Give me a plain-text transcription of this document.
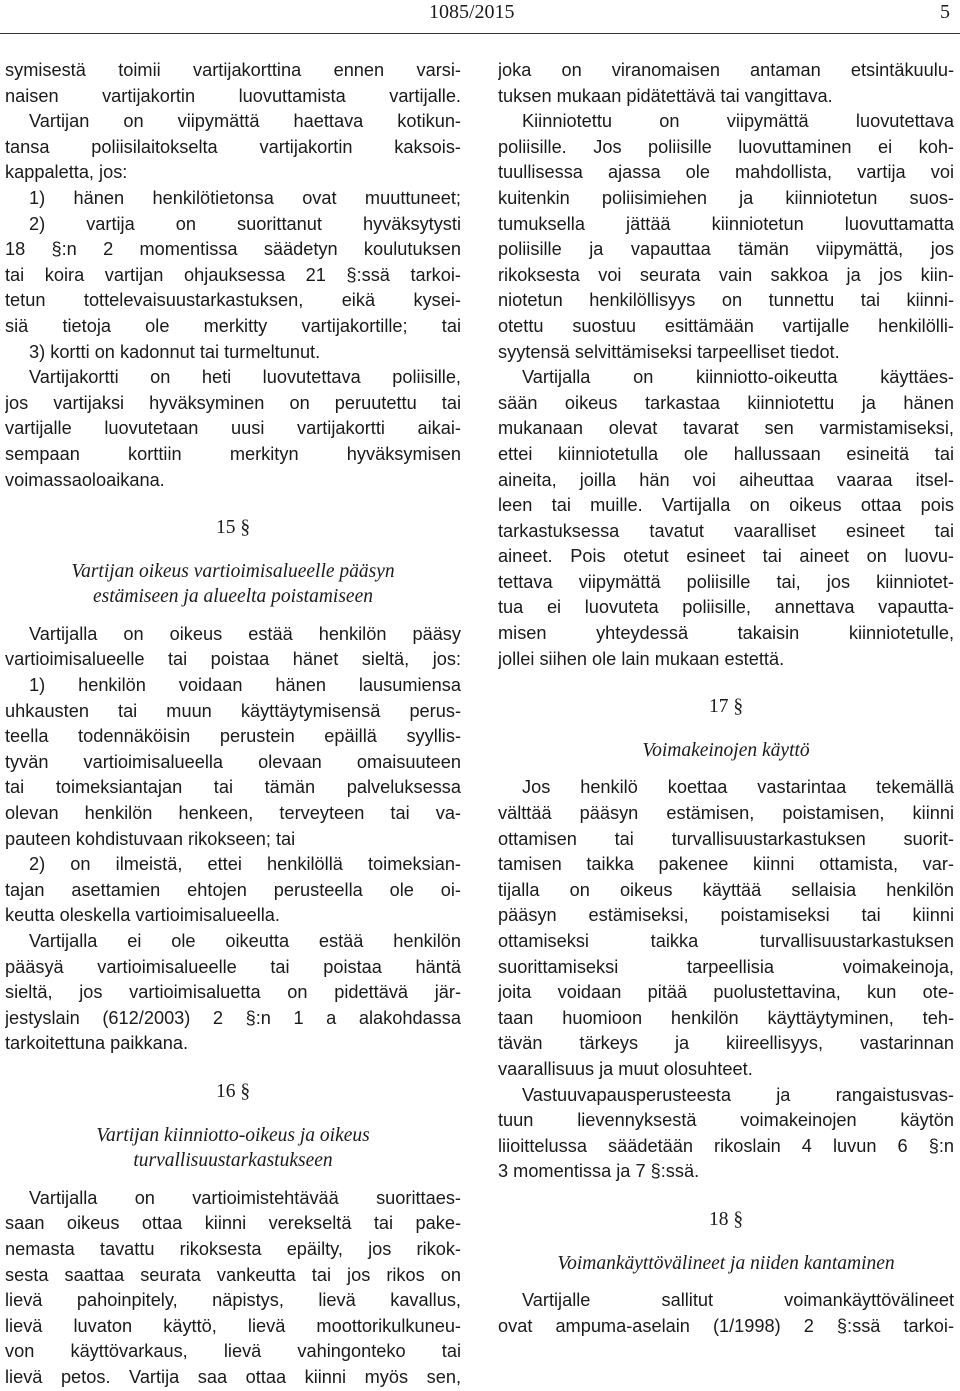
1085/2015	5
symisestä toimii vartijakorttina ennen varsi-
naisen vartijakortin luovuttamista vartijalle.
Vartijan on viipymättä haettava kotikun-
tansa poliisilaitokselta vartijakortin kaksois-
kappaletta, jos:
1) hänen henkilötietonsa ovat muuttuneet;
2) vartija on suorittanut hyväksytysti
18 §:n 2 momentissa säädetyn koulutuksen
tai koira vartijan ohjauksessa 21 §:ssä tarkoi-
tetun tottelevaisuustarkastuksen, eikä kysei-
siä tietoja ole merkitty vartijakortille; tai
3) kortti on kadonnut tai turmeltunut.
Vartijakortti on heti luovutettava poliisille,
jos vartijaksi hyväksyminen on peruutettu tai
vartijalle luovutetaan uusi vartijakortti aikai-
sempaan korttiin merkityn hyväksymisen
voimassaoloaikana.
15 §
Vartijan oikeus vartioimisalueelle pääsyn
estämiseen ja alueelta poistamiseen
Vartijalla on oikeus estää henkilön pääsy
vartioimisalueelle tai poistaa hänet sieltä, jos:
1) henkilön voidaan hänen lausumiensa
uhkausten tai muun käyttäytymisensä perus-
teella todennäköisin perustein epäillä syyllis-
tyvän vartioimisalueella olevaan omaisuuteen
tai toimeksiantajan tai tämän palveluksessa
olevan henkilön henkeen, terveyteen tai va-
pauteen kohdistuvaan rikokseen; tai
2) on ilmeistä, ettei henkilöllä toimeksian-
tajan asettamien ehtojen perusteella ole oi-
keutta oleskella vartioimisalueella.
Vartijalla ei ole oikeutta estää henkilön
pääsyä vartioimisalueelle tai poistaa häntä
sieltä, jos vartioimisaluetta on pidettävä jär-
jestyslain (612/2003) 2 §:n 1 a alakohdassa
tarkoitettuna paikkana.
16 §
Vartijan kiinniotto-oikeus ja oikeus
turvallisuustarkastukseen
Vartijalla on vartioimistehtävää suorittaes-
saan oikeus ottaa kiinni verekseltä tai pake-
nemasta tavattu rikoksesta epäilty, jos rikok-
sesta saattaa seurata vankeutta tai jos rikos on
lievä pahoinpitely, näpistys, lievä kavallus,
lievä luvaton käyttö, lievä moottorikulkuneu-
von käyttövarkaus, lievä vahingonteko tai
lievä petos. Vartija saa ottaa kiinni myös sen,
joka on viranomaisen antaman etsintäkuulu-
tuksen mukaan pidätettävä tai vangittava.
Kiinniotettu on viipymättä luovutettava
poliisille. Jos poliisille luovuttaminen ei koh-
tuullisessa ajassa ole mahdollista, vartija voi
kuitenkin poliisimiehen ja kiinniotetun suos-
tumuksella jättää kiinniotetun luovuttamatta
poliisille ja vapauttaa tämän viipymättä, jos
rikoksesta voi seurata vain sakkoa ja jos kiin-
niotetun henkilöllisyys on tunnettu tai kiinni-
otettu suostuu esittämään vartijalle henkilölli-
syytensä selvittämiseksi tarpeelliset tiedot.
Vartijalla on kiinniotto-oikeutta käyttäes-
sään oikeus tarkastaa kiinniotettu ja hänen
mukanaan olevat tavarat sen varmistamiseksi,
ettei kiinniotetulla ole hallussaan esineitä tai
aineita, joilla hän voi aiheuttaa vaaraa itsel-
leen tai muille. Vartijalla on oikeus ottaa pois
tarkastuksessa tavatut vaaralliset esineet tai
aineet. Pois otetut esineet tai aineet on luovu-
tettava viipymättä poliisille tai, jos kiinniotet-
tua ei luovuteta poliisille, annettava vapautta-
misen yhteydessä takaisin kiinniotetulle,
jollei siihen ole lain mukaan estettä.
17 §
Voimakeinojen käyttö
Jos henkilö koettaa vastarintaa tekemällä
välttää pääsyn estämisen, poistamisen, kiinni
ottamisen tai turvallisuustarkastuksen suorit-
tamisen taikka pakenee kiinni ottamista, var-
tijalla on oikeus käyttää sellaisia henkilön
pääsyn estämiseksi, poistamiseksi tai kiinni
ottamiseksi taikka turvallisuustarkastuksen
suorittamiseksi tarpeellisia voimakeinoja,
joita voidaan pitää puolustettavina, kun ote-
taan huomioon henkilön käyttäytyminen, teh-
tävän tärkeys ja kiireellisyys, vastarinnan
vaarallisuus ja muut olosuhteet.
Vastuuvapausperusteesta ja rangaistusvas-
tuun lievennyksestä voimakeinojen käytön
liioittelussa säädetään rikoslain 4 luvun 6 §:n
3 momentissa ja 7 §:ssä.
18 §
Voimankäyttövälineet ja niiden kantaminen
Vartijalle sallitut voimankäyttövälineet
ovat ampuma-aselain (1/1998) 2 §:ssä tarkoi-
